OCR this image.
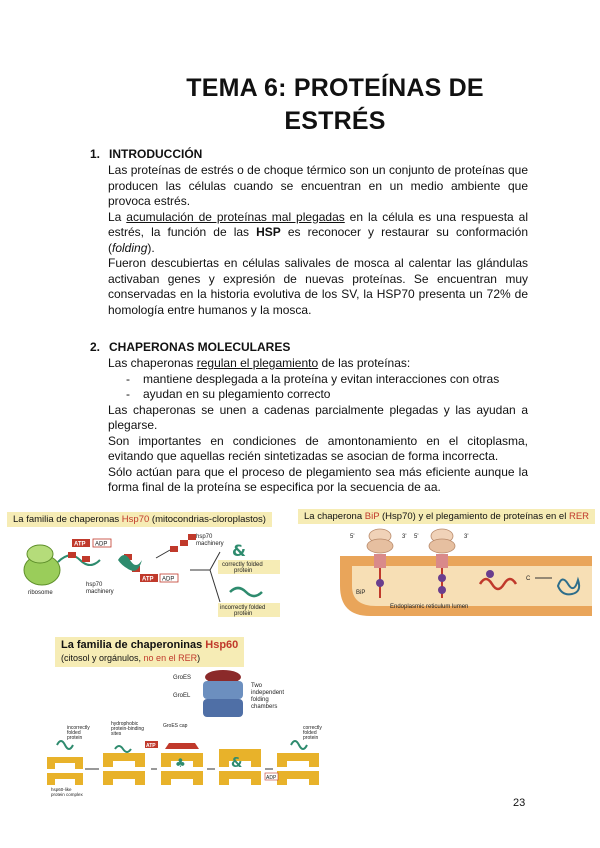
TEMA 6: PROTEÍNAS DE ESTRÉS
1. INTRODUCCIÓN

Las proteínas de estrés o de choque térmico son un conjunto de proteínas que producen las células cuando se encuentran en un medio ambiente que provoca estrés.

La acumulación de proteínas mal plegadas en la célula es una respuesta al estrés, la función de las HSP es reconocer y restaurar su conformación (folding).

Fueron descubiertas en células salivales de mosca al calentar las glándulas activaban genes y expresión de nuevas proteínas. Se encuentran muy conservadas en la historia evolutiva de los SV, la HSP70 presenta un 72% de homología entre humanos y la mosca.

2. CHAPERONAS MOLECULARES

Las chaperonas regulan el plegamiento de las proteínas:

- mantiene desplegada a la proteína y evitan interacciones con otras
- ayudan en su plegamiento correcto

Las chaperonas se unen a cadenas parcialmente plegadas y las ayudan a plegarse.

Son importantes en condiciones de amontonamiento en el citoplasma, evitando que aquellas recién sintetizadas se asocian de forma incorrecta.

Sólo actúan para que el proceso de plegamiento sea más eficiente aunque la forma final de la proteína se especifica por la secuencia de aa.

La familia de chaperonas Hsp70 (mitocondrias-cloroplastos)
ribosome
ATP ADP
ATP ADP
hsp70
machinery
hsp70
machinery &
correctly folded
protein
incorrectly folded
protein
La chaperona BiP (Hsp70) y el plegamiento de proteínas en el RER
5'	3' 5'	3'
BiP
C
Endoplasmic reticulum lumen
La familia de chaperoninas Hsp60
(citosol y orgánulos, no en el RER)
GroES
GroEL
Two
independent
folding
chambers
♣	&
ATP
ADP
incorrectly
folded
protein
hydrophobic
protein-binding
sites
GroES cap	correctly
folded
protein
hsp60-like
protein complex
23
